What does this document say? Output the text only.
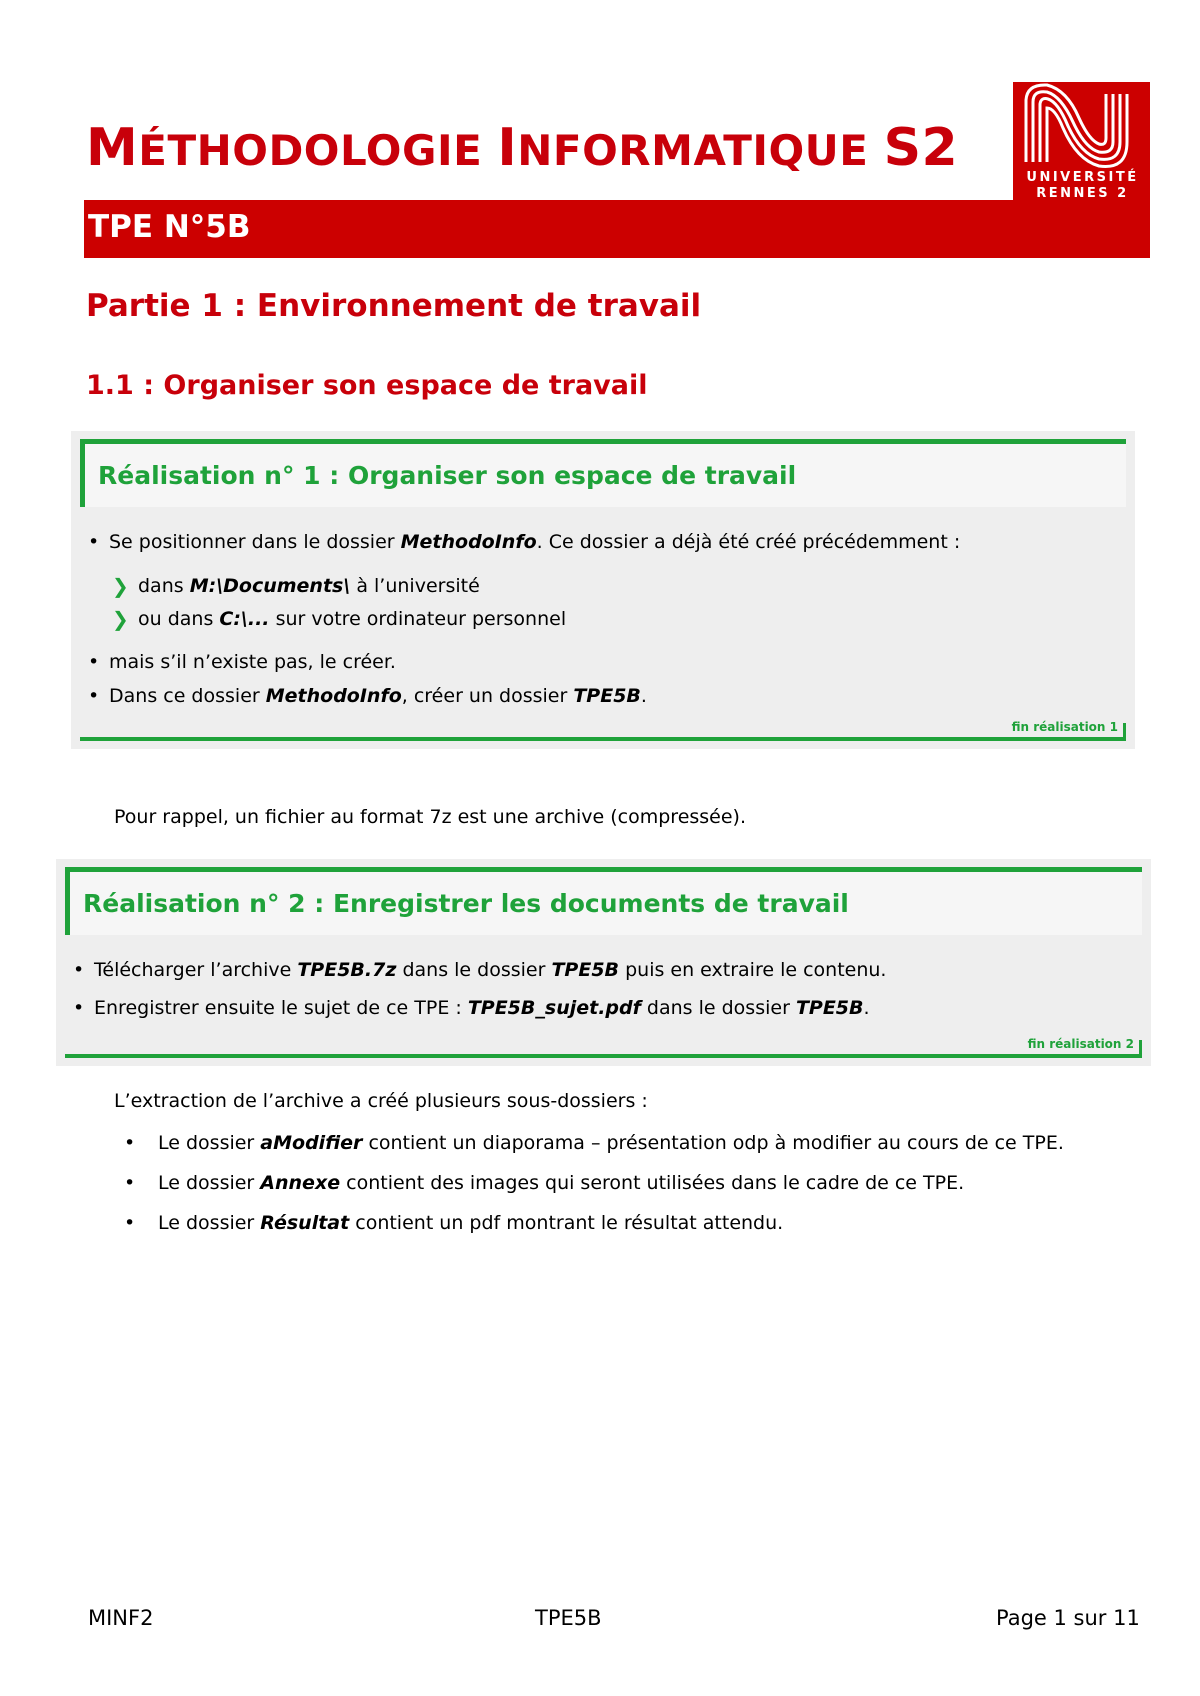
MÉTHODOLOGIE INFORMATIQUE S2
TPE N°5B
UNIVERSITÉ
RENNES 2
Partie 1 : Environnement de travail
1.1 : Organiser son espace de travail
Réalisation n° 1 : Organiser son espace de travail
• Se positionner dans le dossier MethodoInfo. Ce dossier a déjà été créé précédemment :
❯ dans M:\Documents\ à l’université
❯ ou dans C:\... sur votre ordinateur personnel
• mais s’il n’existe pas, le créer.
• Dans ce dossier MethodoInfo, créer un dossier TPE5B.
fin réalisation 1
Pour rappel, un fichier au format 7z est une archive (compressée).
Réalisation n° 2 : Enregistrer les documents de travail
• Télécharger l’archive TPE5B.7z dans le dossier TPE5B puis en extraire le contenu.
• Enregistrer ensuite le sujet de ce TPE : TPE5B_sujet.pdf dans le dossier TPE5B.
fin réalisation 2
L’extraction de l’archive a créé plusieurs sous-dossiers :
• Le dossier aModifier contient un diaporama – présentation odp à modifier au cours de ce TPE.
• Le dossier Annexe contient des images qui seront utilisées dans le cadre de ce TPE.
• Le dossier Résultat contient un pdf montrant le résultat attendu.
MINF2	TPE5B	Page 1 sur 11
